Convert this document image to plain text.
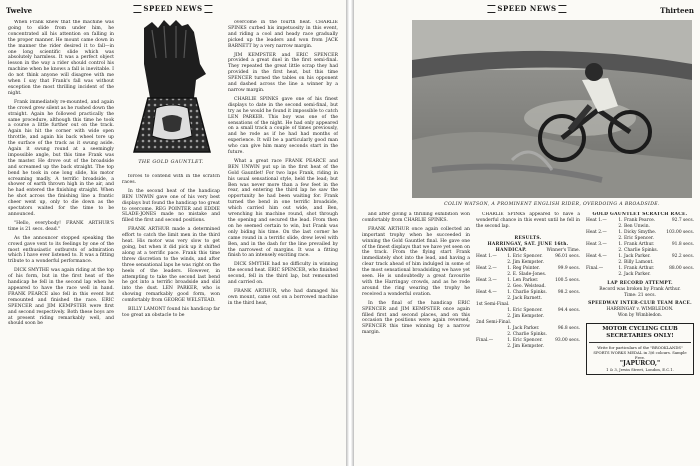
Twelve	SPEED NEWS

When Frank knew that the machine was going to slide from under him, he concentrated all his attention on falling in the proper manner. He mount came down in the manner the rider desired it to fall—in one long scientific slide which was absolutely harmless. It was a perfect object lesson in the way a rider should control his machine when he knows a fall is inevitable. I do not think anyone will disagree with me when I say that Frank's fall was without exception the most thrilling incident of the night.

Frank immediately re-mounted, and again the crowd grew silent as he rushed down the straight. Again he followed practically the same procedure, although this time he took a course a little further out on the track. Again his hit the corner with wide open throttle, and again his back wheel tore up the surface of the track as it swung aside. Again it swung round at a seemingly impossible angle, but this time Frank was the master. He drove out of the broadside and screamed up the back straight. The top bend he took in one long slide, his motor screaming madly. A terrific broadside, a shower of earth thrown high in the air, and he had entered the finishing straight. When he shot across the finishing line a frantic cheer went up, only to die down as the spectators waited for the time to be announced.

"Hello, everybody! FRANK ARTHUR'S time is 21 secs. dead."

As the announcer stopped speaking the crowd gave vent to its feelings by one of the most enthusiastic outbursts of admiration which I have ever listened to. It was a fitting tribute to a wonderful performance.

DICK SMYTHE was again riding at the top of his form, but in the first heat of the handicap he fell in the second lap when he appeared to have the race well in hand. FRANK PEARCE also fell in this event but remounted and finished the race. ERIC SPENCER and JIM KEMPSTER were first and second respectively. Both these boys are at present riding remarkably well, and should soon be

THE GOLD GAUNTLET.

forces to contend with in the scratch races.

In the second heat of the handicap BEN UNWIN gave one of his very best displays but found the handicap too great to overcome. REG POINTER and EDDIE SLADE-JONES made no mistake and filled the first and second positions.

FRANK ARTHUR made a determined effort to catch the limit men in the third heat. His motor was very slow to get going, but when it did pick up it shifted along at a terrific pace. Frank this time threw discretion to the winds, and after three sensational laps he was right on the heels of the leaders. However, in attempting to take the second last bend he got into a terrific broadside and slid into the dust. LEN PARKER, who is showing remarkably good form, won comfortably from GEORGE WELSTEAD.

BILLY LAMONT found his handicap far too great an obstacle to be

overcome in the fourth heat. CHARLIE SPINKS curbed his impetuosity in this event, and riding a cool and heady race gradually picked up the leaders and won from JACK BARNETT by a very narrow margin.

JIM KEMPSTER and ERIC SPENCER provided a great duel in the first semi-final. They repeated the great little scrap they had provided in the first heat, but this time SPENCER turned the tables on his opponent and dashed across the line a winner by a narrow margin.

CHARLIE SPINKS gave one of his finest displays to date in the second semi-final, but try as he would he found it impossible to catch LEN PARKER. This boy was one of the sensations of the night. He had only appeared on a small track a couple of times previously, and he rode as if he had had months of experience. It will be a particularly good man who can give him many seconds start in the future.

What a great race FRANK PEARCE and BEN UNWIN put up in the first heat of the Gold Gauntlet! For two laps Frank, riding in his usual sensational style, held the lead; but Ben was never more than a few feet in the rear, and entering the third lap he saw the opportunity he had been waiting for. Frank turned the bend in one terrific broadside, which carried him out wide, and Ben, wrenching his machine round, shot through the opening and secured the lead. From then on he seemed certain to win, but Frank was only biding his time. On the last corner he came round in a terrific slide, drew level with Ben, and in the dash for the line prevailed by the narrowest of margins. It was a fitting finish to an intensely exciting race.

DICK SMYTHE had no difficulty in winning the second heat. ERIC SPENCER, who finished second, fell in the third lap, but remounted and carried on.

FRANK ARTHUR, who had damaged his own mount, came out on a borrowed machine in the third heat,

SPEED NEWS	Thirteen
COLIN WATSON, A PROMINENT ENGLISH RIDER, OVERDOING A BROADSIDE.

and after giving a thrilling exhibition won comfortably from CHARLIE SPINKS.

FRANK ARTHUR once again collected an important trophy when he succeeded in winning the Gold Gauntlet final. He gave one of the finest displays that we have yet seen on the track. From the flying start Frank immediately shot into the lead, and having a clear track ahead of him indulged in some of the most sensational broadsiding we have yet seen. He is undoubtedly a great favourite with the Harringay crowds, and as he rode around the ring wearing the trophy he received a wonderful ovation.

In the final of the handicap ERIC SPENCER and JIM KEMPSTER once again filled first and second places, and on this occasion the positions were again reversed, SPENCER this time winning by a narrow margin.

CHARLIE SPINKS appeared to have a wonderful chance in this event until he fell in the second lap.

RESULTS.
HARRINGAY, SAT. JUNE 16th.
HANDICAP.	Winner's Time.
Heat 1.—	1. Eric Spencer.	96.01 secs.
2. Jim Kempster.
Heat 2.—	1. Reg Pointer.	99.9 secs.
2. E. Slade-Jones.
Heat 3.—	1. Len Parker.	100.5 secs.
2. Geo. Welstead.
Heat 4.—	1. Charlie Spinks.	98.2 secs.
2. Jack Barnett.
1st Semi-Final.
1. Eric Spencer.	94.4 secs.
2. Jim Kempster.
2nd Semi-Final.
1. Jack Parker.	96.8 secs.
2. Charlie Spinks.
Final.—	1. Eric Spencer.	93.00 secs.
2. Jim Kempster.
GOLD GAUNTLET SCRATCH RACE.
Heat 1.—	1. Frank Pearce.	92.7 secs.
2. Ben Unwin.
Heat 2.—	1. Dicky Smythe.	103.00 secs.
2. Eric Spencer.
Heat 3.—	1. Frank Arthur.	91.8 secs.
2. Charlie Spinks.
Heat 4.—	1. Jack Parker.	92.2 secs.
2. Billy Lamont.
Final.—	1. Frank Arthur.	88.00 secs.
2. Jack Parker.
LAP RECORD ATTEMPT.
Record was broken by Frank Arthur.
Time: 21 secs.
SPEEDWAY INTER-CLUB TEAM RACE.
HARRINGAY v. WIMBLEDON.
Won by Wimbledon.
MOTOR CYCLING CLUB
SECRETARIES ONLY!
Write for particulars of the "BROOKLANDS" SPORTS WORKS MEDAL in 3/6 colours. Sample Free.
"JAPURCO,"
1 & 3, Jewin Street, London, E.C.1.
